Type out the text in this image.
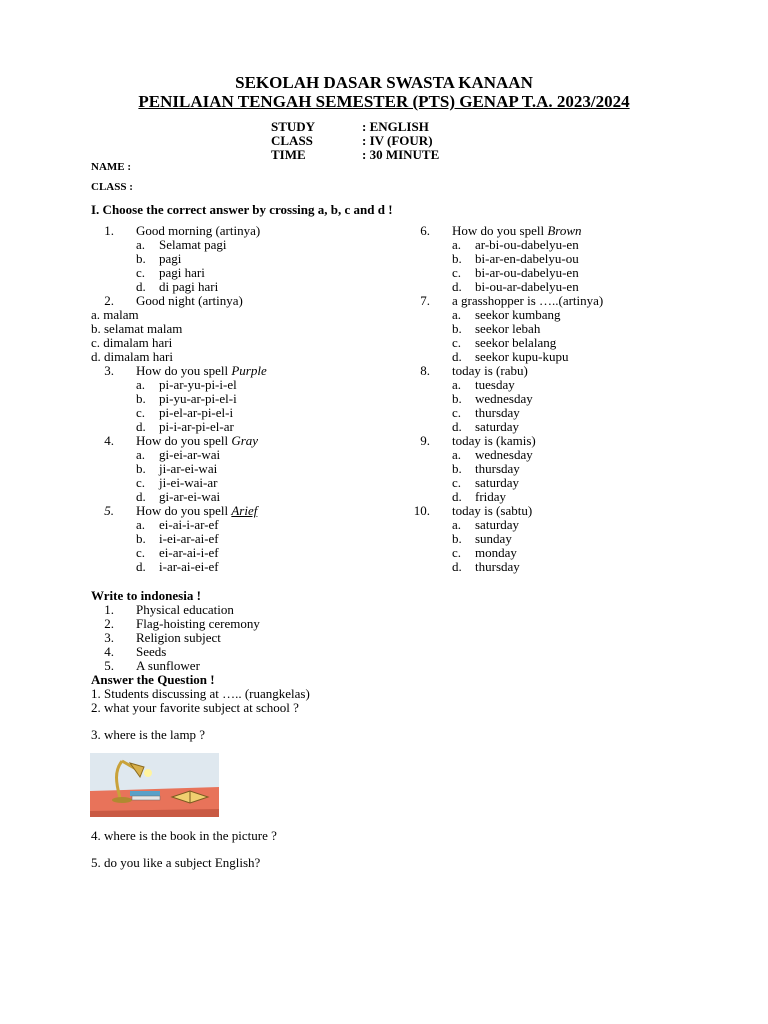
SEKOLAH DASAR SWASTA KANAAN
PENILAIAN TENGAH SEMESTER (PTS) GENAP T.A. 2023/2024
STUDY	: ENGLISH
CLASS	: IV (FOUR)
TIME	: 30 MINUTE
NAME :
CLASS :
I. Choose the correct answer by crossing a, b, c and d !
1.	Good morning (artinya)
a.	Selamat pagi
b.	pagi
c.	pagi hari
d.	di pagi hari
2.	Good night (artinya)
a. malam
b. selamat malam
c. dimalam hari
d. dimalam hari
3.	How do you spell Purple
a.	pi-ar-yu-pi-i-el
b.	pi-yu-ar-pi-el-i
c.	pi-el-ar-pi-el-i
d.	pi-i-ar-pi-el-ar
4.	How do you spell Gray
a.	gi-ei-ar-wai
b.	ji-ar-ei-wai
c.	ji-ei-wai-ar
d.	gi-ar-ei-wai
5.	How do you spell Arief
a.	ei-ai-i-ar-ef
b.	i-ei-ar-ai-ef
c.	ei-ar-ai-i-ef
d.	i-ar-ai-ei-ef
6.	How do you spell Brown
a.	ar-bi-ou-dabelyu-en
b.	bi-ar-en-dabelyu-ou
c.	bi-ar-ou-dabelyu-en
d.	bi-ou-ar-dabelyu-en
7.	a grasshopper is …..(artinya)
a.	seekor kumbang
b.	seekor lebah
c.	seekor belalang
d.	seekor kupu-kupu
8.	today is (rabu)
a.	tuesday
b.	wednesday
c.	thursday
d.	saturday
9.	today is (kamis)
a.	wednesday
b.	thursday
c.	saturday
d.	friday
10.	today is (sabtu)
a.	saturday
b.	sunday
c.	monday
d.	thursday
Write to indonesia !
1.	Physical education
2.	Flag-hoisting ceremony
3.	Religion subject
4.	Seeds
5.	A sunflower
Answer the Question !
1. Students discussing at ….. (ruangkelas)
2. what your favorite subject at school ?
3. where is the lamp ?
4. where is the book in the picture ?
5. do you like a subject English?
